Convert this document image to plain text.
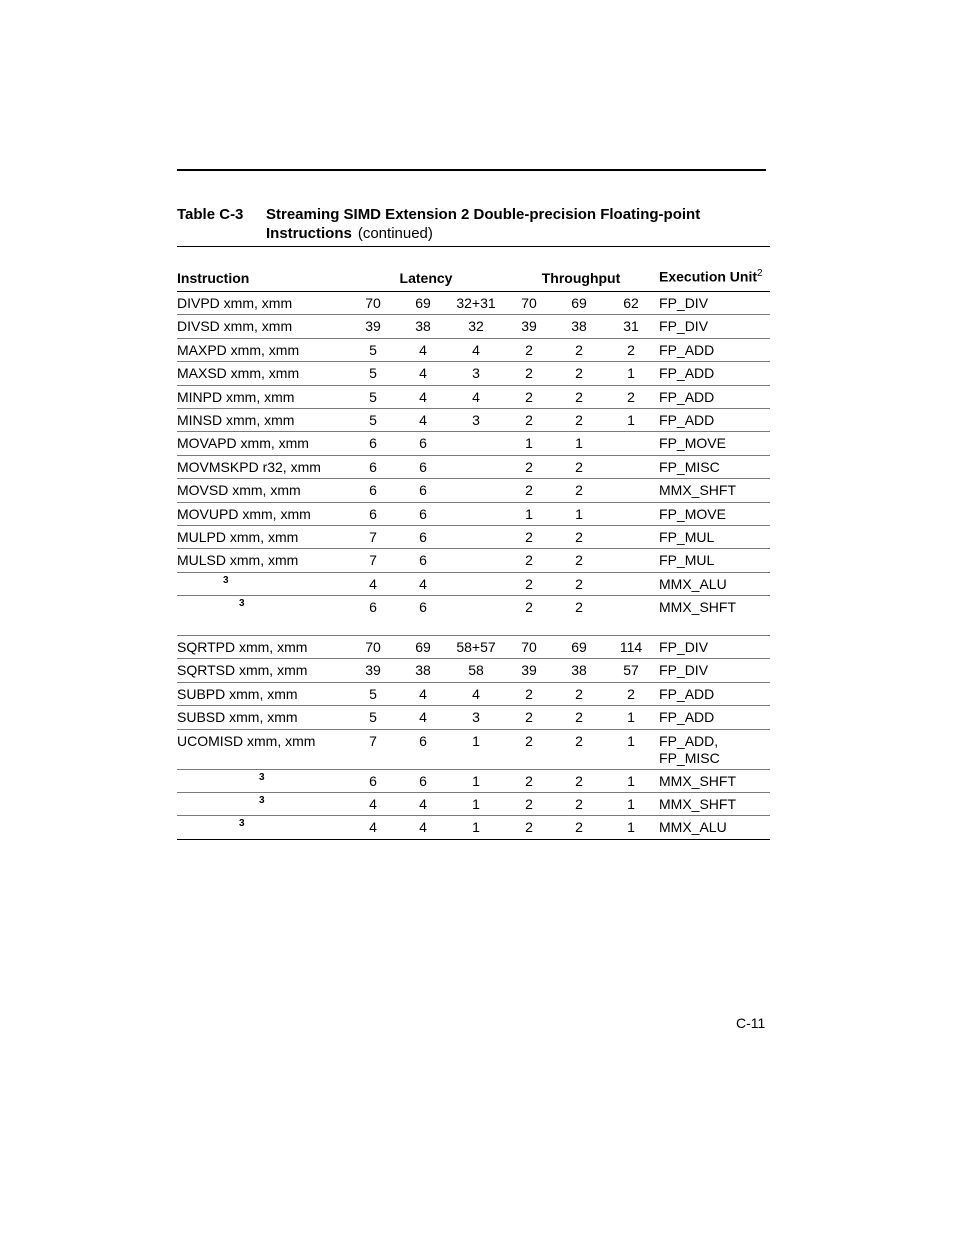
Table C-3 Streaming SIMD Extension 2 Double-precision Floating-point Instructions (continued)
Instruction	Latency			Throughput			Execution Unit$^2$
DIVPD xmm, xmm	70	69	32+31	70	69	62	FP_DIV
DIVSD xmm, xmm	39	38	32	39	38	31	FP_DIV
MAXPD xmm, xmm	5	4	4	2	2	2	FP_ADD
MAXSD xmm, xmm	5	4	3	2	2	1	FP_ADD
MINPD xmm, xmm	5	4	4	2	2	2	FP_ADD
MINSD xmm, xmm	5	4	3	2	2	1	FP_ADD
MOVAPD xmm, xmm	6	6		1	1		FP_MOVE
MOVMSKPD r32, xmm	6	6		2	2		FP_MISC
MOVSD xmm, xmm	6	6		2	2		MMX_SHFT
MOVUPD xmm, xmm	6	6		1	1		FP_MOVE
MULPD xmm, xmm	7	6		2	2		FP_MUL
MULSD xmm, xmm	7	6		2	2		FP_MUL
$^3$	4	4		2	2		MMX_ALU
$^3$	6	6		2	2		MMX_SHFT
SQRTPD xmm, xmm	70	69	58+57	70	69	114	FP_DIV
SQRTSD xmm, xmm	39	38	58	39	38	57	FP_DIV
SUBPD xmm, xmm	5	4	4	2	2	2	FP_ADD
SUBSD xmm, xmm	5	4	3	2	2	1	FP_ADD
UCOMISD xmm, xmm	7	6	1	2	2	1	FP_ADD,
FP_MISC
$^3$	6	6	1	2	2	1	MMX_SHFT
$^3$	4	4	1	2	2	1	MMX_SHFT
$^3$	4	4	1	2	2	1	MMX_ALU
C-11
